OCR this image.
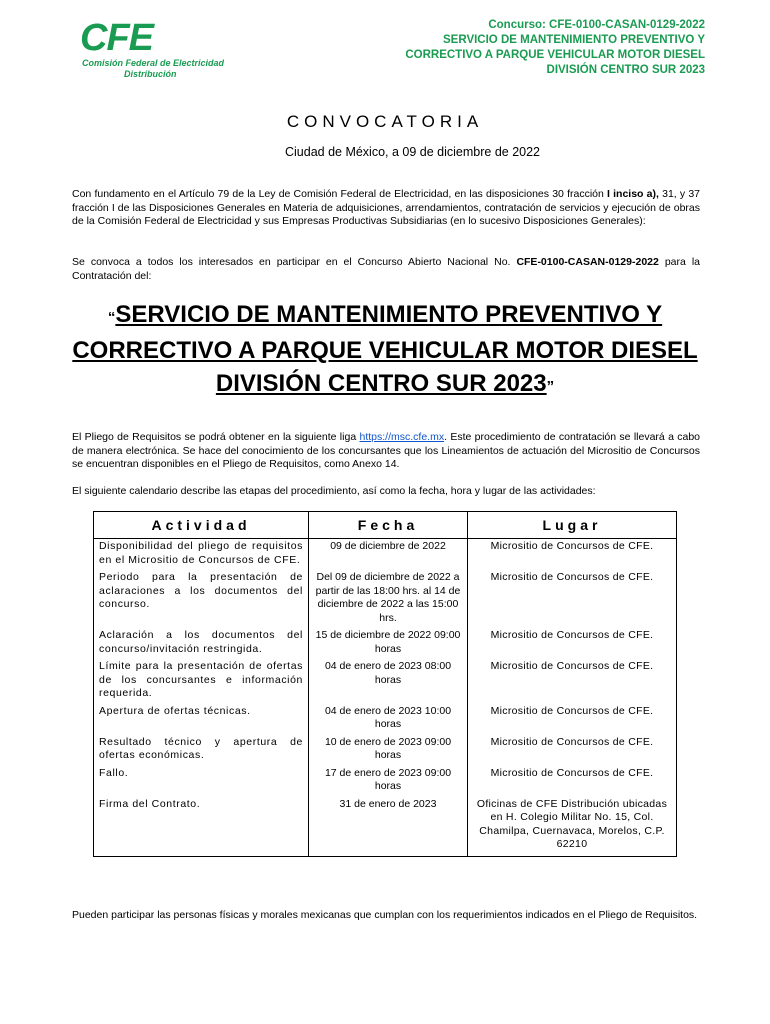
CFE
Comisión Federal de Electricidad
Distribución
Concurso: CFE-0100-CASAN-0129-2022
SERVICIO DE MANTENIMIENTO PREVENTIVO Y
CORRECTIVO A PARQUE VEHICULAR MOTOR DIESEL
DIVISIÓN CENTRO SUR 2023
CONVOCATORIA
Ciudad de México, a 09 de diciembre de 2022
Con fundamento en el Artículo 79 de la Ley de Comisión Federal de Electricidad, en las disposiciones 30 fracción I inciso a), 31, y 37 fracción I de las Disposiciones Generales en Materia de adquisiciones, arrendamientos, contratación de servicios y ejecución de obras de la Comisión Federal de Electricidad y sus Empresas Productivas Subsidiarias (en lo sucesivo Disposiciones Generales):
Se convoca a todos los interesados en participar en el Concurso Abierto Nacional No. CFE-0100-CASAN-0129-2022 para la Contratación del:
“SERVICIO DE MANTENIMIENTO PREVENTIVO Y CORRECTIVO A PARQUE VEHICULAR MOTOR DIESEL DIVISIÓN CENTRO SUR 2023”
El Pliego de Requisitos se podrá obtener en la siguiente liga https://msc.cfe.mx. Este procedimiento de contratación se llevará a cabo de manera electrónica. Se hace del conocimiento de los concursantes que los Lineamientos de actuación del Micrositio de Concursos se encuentran disponibles en el Pliego de Requisitos, como Anexo 14.
El siguiente calendario describe las etapas del procedimiento, así como la fecha, hora y lugar de las actividades:
Actividad	Fecha	Lugar
Disponibilidad del pliego de requisitos en el Micrositio de Concursos de CFE.	09 de diciembre de 2022	Micrositio de Concursos de CFE.
Periodo para la presentación de aclaraciones a los documentos del concurso.	Del 09 de diciembre de 2022 a partir de las 18:00 hrs. al 14 de diciembre de 2022 a las 15:00 hrs.	Micrositio de Concursos de CFE.
Aclaración a los documentos del concurso/invitación restringida.	15 de diciembre de 2022 09:00 horas	Micrositio de Concursos de CFE.
Límite para la presentación de ofertas de los concursantes e información requerida.	04 de enero de 2023 08:00 horas	Micrositio de Concursos de CFE.
Apertura de ofertas técnicas.	04 de enero de 2023 10:00 horas	Micrositio de Concursos de CFE.
Resultado técnico y apertura de ofertas económicas.	10 de enero de 2023 09:00 horas	Micrositio de Concursos de CFE.
Fallo.	17 de enero de 2023 09:00 horas	Micrositio de Concursos de CFE.
Firma del Contrato.	31 de enero de 2023	Oficinas de CFE Distribución ubicadas en H. Colegio Militar No. 15, Col. Chamilpa, Cuernavaca, Morelos, C.P. 62210
Pueden participar las personas físicas y morales mexicanas que cumplan con los requerimientos indicados en el Pliego de Requisitos.
